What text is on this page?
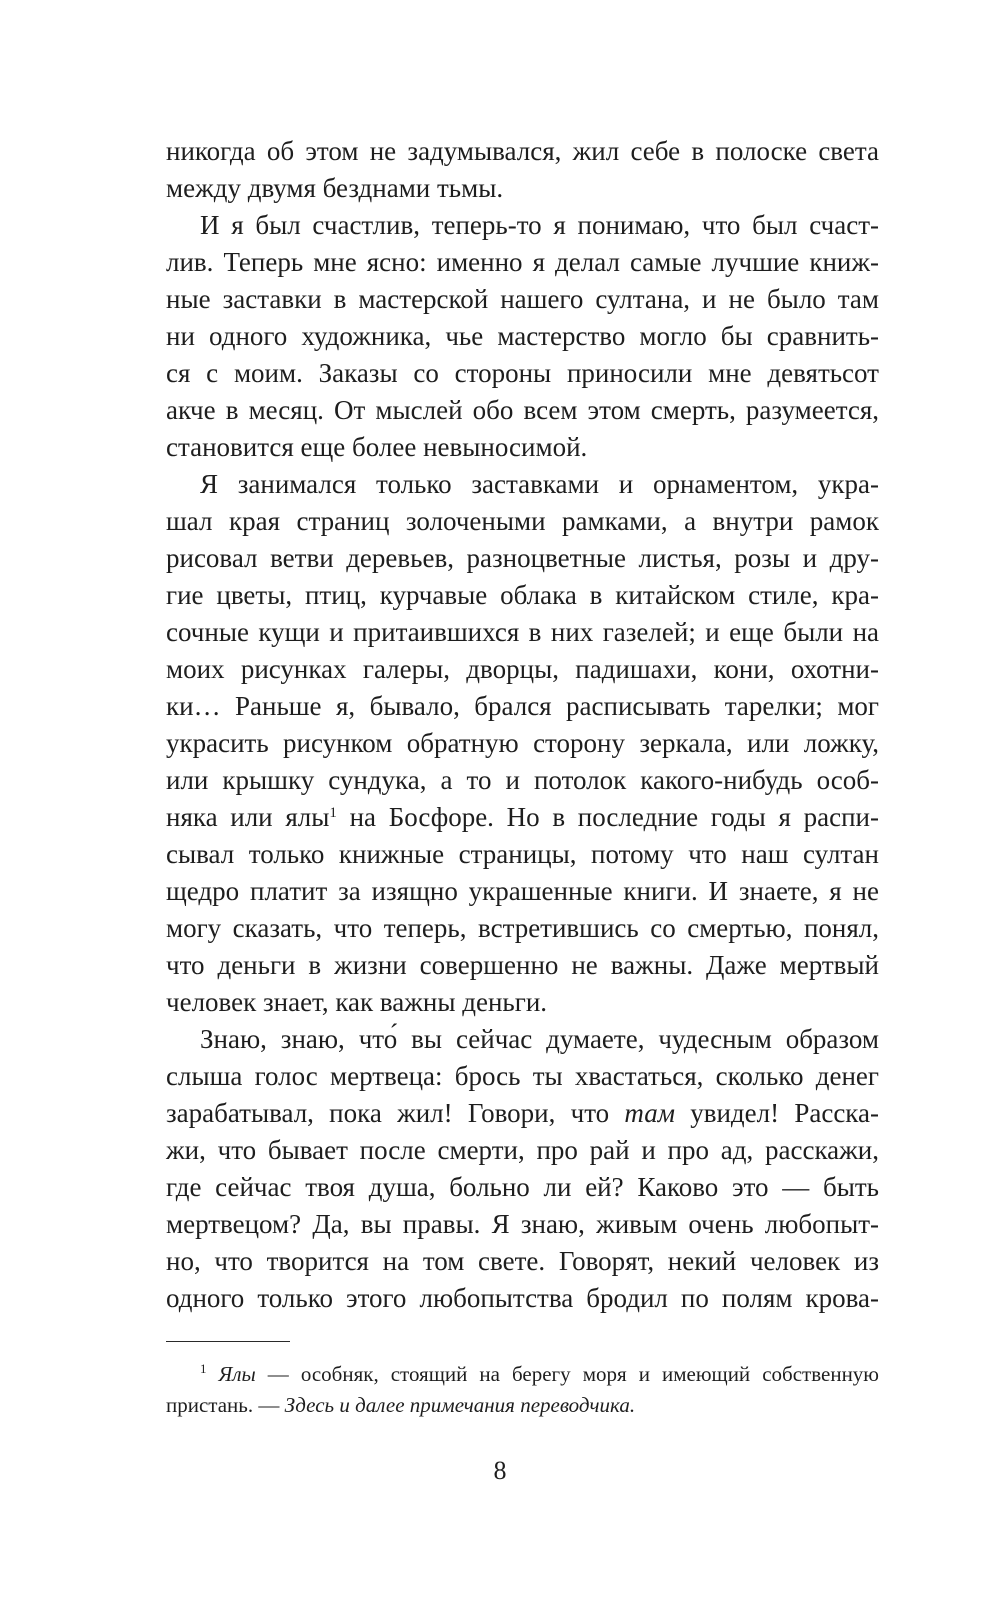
никогда об этом не задумывался, жил себе в полоске света
между двумя безднами тьмы.
И я был счастлив, теперь-то я понимаю, что был счаст-
лив. Теперь мне ясно: именно я делал самые лучшие книж-
ные заставки в мастерской нашего султана, и не было там
ни одного художника, чье мастерство могло бы сравнить-
ся с моим. Заказы со стороны приносили мне девятьсот
акче в месяц. От мыслей обо всем этом смерть, разумеется,
становится еще более невыносимой.
Я занимался только заставками и орнаментом, укра-
шал края страниц золочеными рамками, а внутри рамок
рисовал ветви деревьев, разноцветные листья, розы и дру-
гие цветы, птиц, курчавые облака в китайском стиле, кра-
сочные кущи и притаившихся в них газелей; и еще были на
моих рисунках галеры, дворцы, падишахи, кони, охотни-
ки… Раньше я, бывало, брался расписывать тарелки; мог
украсить рисунком обратную сторону зеркала, или ложку,
или крышку сундука, а то и потолок какого-нибудь особ-
няка или ялы$^1$ на Босфоре. Но в последние годы я распи-
сывал только книжные страницы, потому что наш султан
щедро платит за изящно украшенные книги. И знаете, я не
могу сказать, что теперь, встретившись со смертью, понял,
что деньги в жизни совершенно не важны. Даже мертвый
человек знает, как важны деньги.
Знаю, знаю, что́ вы сейчас думаете, чудесным образом
слыша голос мертвеца: брось ты хвастаться, сколько денег
зарабатывал, пока жил! Говори, что там увидел! Расска-
жи, что бывает после смерти, про рай и про ад, расскажи,
где сейчас твоя душа, больно ли ей? Каково это — быть
мертвецом? Да, вы правы. Я знаю, живым очень любопыт-
но, что творится на том свете. Говорят, некий человек из
одного только этого любопытства бродил по полям крова-
$^1$ Ялы — особняк, стоящий на берегу моря и имеющий собственную
пристань. — Здесь и далее примечания переводчика.
8
